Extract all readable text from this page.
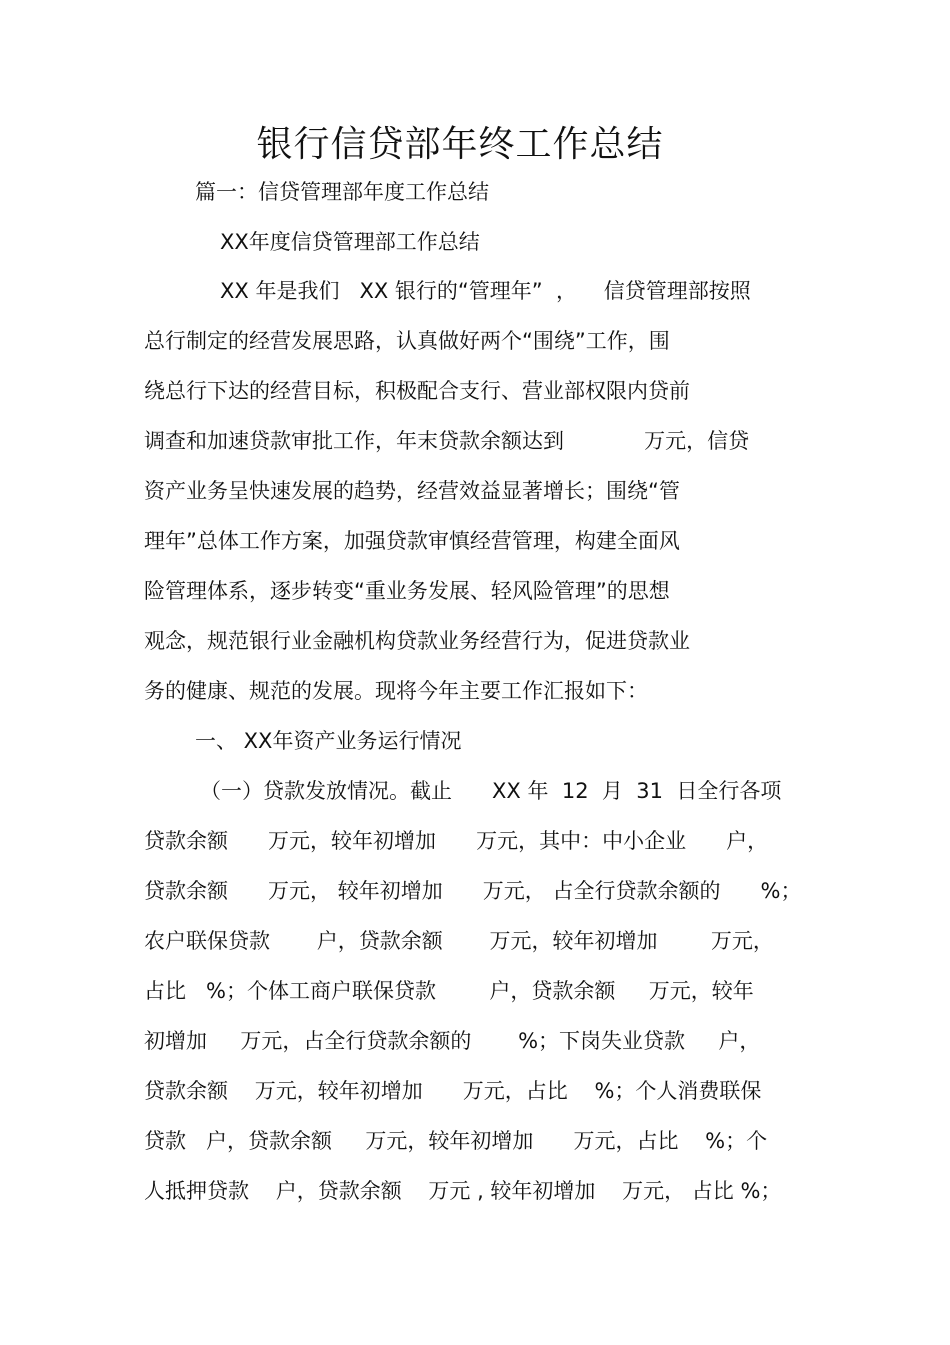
银行信贷部年终工作总结

篇一：信贷管理部年度工作总结

XX年度信贷管理部工作总结

XX 年是我们   XX 银行的“管理年”  ，    信贷管理部按照

总行制定的经营发展思路，认真做好两个“围绕”工作，围

绕总行下达的经营目标，积极配合支行、营业部权限内贷前

调查和加速贷款审批工作，年末贷款余额达到            万元，信贷

资产业务呈快速发展的趋势，经营效益显著增长；围绕“管

理年”总体工作方案，加强贷款审慎经营管理，构建全面风

险管理体系，逐步转变“重业务发展、轻风险管理”的思想

观念，规范银行业金融机构贷款业务经营行为，促进贷款业

务的健康、规范的发展。现将今年主要工作汇报如下：

一、 XX年资产业务运行情况

（一）贷款发放情况。截止      XX 年  12  月  31  日全行各项

贷款余额      万元，较年初增加      万元，其中：中小企业      户，

贷款余额      万元， 较年初增加      万元， 占全行贷款余额的      %；

农户联保贷款       户，贷款余额       万元，较年初增加        万元，

占比   %；个体工商户联保贷款        户，贷款余额     万元，较年

初增加     万元，占全行贷款余额的       %；下岗失业贷款     户，

贷款余额    万元，较年初增加      万元，占比    %；个人消费联保

贷款   户，贷款余额     万元，较年初增加      万元，占比    %；个

人抵押贷款    户，贷款余额    万元 , 较年初增加    万元， 占比 %；
